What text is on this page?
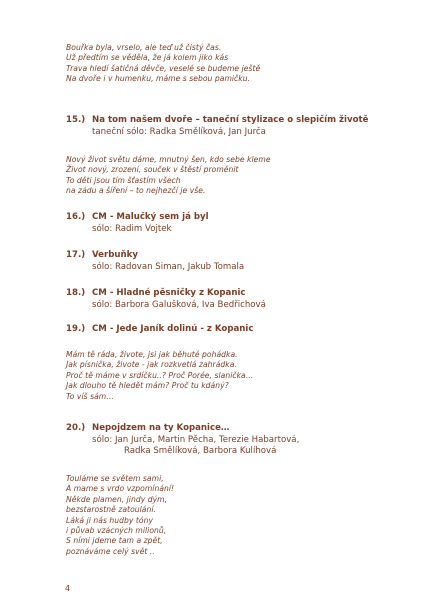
Bouřka byla, vrselo, ale teď už čistý čas.
Už předtím se věděla, že já kolem jiko kás
Trava hledí šatičná děvče, veselé se budeme ještě
Na dvoře i v humenku, máme s sebou pamičku.
15.) Na tom našem dvoře – taneční stylizace o slepičím životě
taneční sólo: Radka Smělíková, Jan Jurča
Nový život světu dáme, mnutný šen, kdo sebe kleme
Život nový, zrození, souček v štěstí proměnit
To děti jsou tím šťastím všech
na zádu a šíření – to nejhezčí je vše.
16.) CM - Malučký sem já byl
sólo: Radim Vojtek
17.) Verbuňky
sólo: Radovan Siman, Jakub Tomala
18.) CM - Hladné pěsničky z Kopanic
sólo: Barbora Galušková, Iva Bedřichová
19.) CM - Jede Janík dolinú - z Kopanic
Mám tě ráda, živote, jsi jak běhuté pohádka.
Jak písnička, živote - jak rozkvetlá zahrádka.
Proč tě máme v srdíčku..? Proč Porée, slanička…
Jak dlouho tě hledět mám? Proč tu kdáný?
To víš sám…
20.) Nepojdzem na ty Kopanice…
sólo: Jan Jurča, Martin Pěcha, Terezie Habartová,
Radka Smělíková, Barbora Kulíhová
Toulámе se světem sami,
A mame s vrdo vzpomínání!
Někde plamen, jindy dým,
bezstarostně zatoulání.
Láká ji nás hudby tóny
i půvab vzácných milionů,
S ními jdeme tam a zpět,
poznáváme celý svět ..
4
